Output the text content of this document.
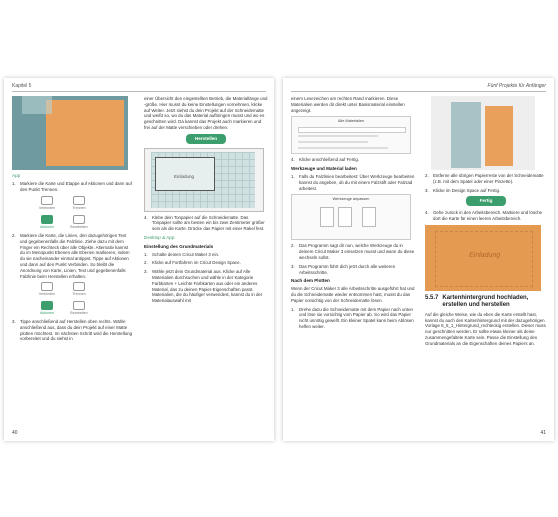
Kapitel 5
App
1. Markiere die Karte und Etappe auf Aktionen und dann auf den Punkt Trennen.
Verbinden	Trennen
Aktionen	Bearbeiten
2. Markiere die Karte, die Linien, den dazugehörigen Text und gegebenenfalls die Falzlinie. Ziehe dazu mit dem Finger ein Rechteck über alle Objekte. Alternativ kannst du im Menüpunkt Ebenen alle Ebenen markieren, indem du sie nacheinander einmal antippst. Tippe auf Aktionen und dann auf den Punkt Verbinden. So bleibt die Anordnung von Karte, Linien, Text und gegebenenfalls Falzlinie beim Herstellen erhalten.
Verbinden	Trennen
Aktionen	Bearbeiten
3. Tippe anschließend auf Herstellen oben rechts. Wähle anschließend aus, dass du dein Projekt auf einer Matte plotten möchtest. Im nächsten Schritt wird die Herstellung vorbereitet und du siehst in

einer Übersicht den eingestellten Betrieb, die Materiallänge und -größe. Hier musst du keine Einstellungen vornehmen, klicke auf Weiter. Jetzt siehst du dein Projekt auf der Schneidematte und weißt so, wo du das Material aufbringen musst und wo es geschnitten wird. Da kannst das Projekt auch markieren und frei auf der Matte verschieben oder drehen.

Herstellen
Einladung
4. Klebe dein Tonpapier auf die Schneidematte. Das Tonpapier sollte am besten ein bis zwei Zentimeter größer sein als die Karte. Drücke das Papier mit einer Rakel fest.
Desktop & App
Einstellung des Grundmaterials
1. Schalte deinen Cricut Maker 3 ein.
2. Klicke auf Fortfahren im Cricut Design Space.
3. Wähle jetzt dein Grundmaterial aus. Klicke auf Alle Materialien durchsuchen und wähle in der Kategorie Farbkarten + Leichte Farbkarten aus oder ein anderes Material, das zu deinen Papier-Eigenschaften passt. Materialien, die du häufiger verwendest, kannst du in der Materialauswahl mit
40
Fünf Projekte für Anfänger

einem Lesezeichen am rechten Rand markieren. Diese Materialien werden dir direkt unter Basismaterial einstellen angezeigt.

Alle Materialien
4. Klicke anschließend auf Fertig.
Werkzeuge und Material laden
1. Falls du Falzlinien bearbeitest: Über Werkzeuge bearbeiten kannst du angeben, ob du mit einem Falzstift oder Falzrad arbeitest.
Werkzeuge anpassen
2. Das Programm sagt dir nun, welche Werkzeuge du in deinem Cricut Maker 3 einsetzen musst und wann du diese wechseln sollst.
3. Das Programm führt dich jetzt durch alle weiteren Arbeitsschritte.
Nach dem Plotten

Wenn der Cricut Maker 3 alle Arbeitsschritte ausgeführt hat und du die Schneidematte wieder entnommen hast, musst du das Papier vorsichtig von der Schneidematte lösen.

1. Drehe dazu die Schneidematte mit dem Papier nach unten und löse sie vorsichtig vom Papier ab. So wird das Papier nicht unnötig gewellt. Ein kleiner Spatel kann beim Ablösen helfen weiter.
2. Entferne alle übrigen Papierreste von der Schneidematte (z.B. mit dem Spatel oder einer Pinzette).
3. Klicke im Design Space auf Fertig.
Fertig
4. Gehe zurück in den Arbeitsbereich. Markiere und lösche dort die Karte für einen leeren Arbeitsbereich.
Einladung
5.5.7 Kartenhintergrund hochladen, erstellen und herstellen

Auf die gleiche Weise, wie du eben die Karte erstellt hast, kannst du auch den Kartenhintergrund mit der dazugehörigen Vorlage 5_5_1_Hintergrund_rechteckig erstellen. Dieser muss nur geschnitten werden. Er sollte etwas kleiner als deine zusammengefaltete Karte sein. Passe die Einstellung des Grundmaterials an die Eigenschaften deines Papiers an.

41
